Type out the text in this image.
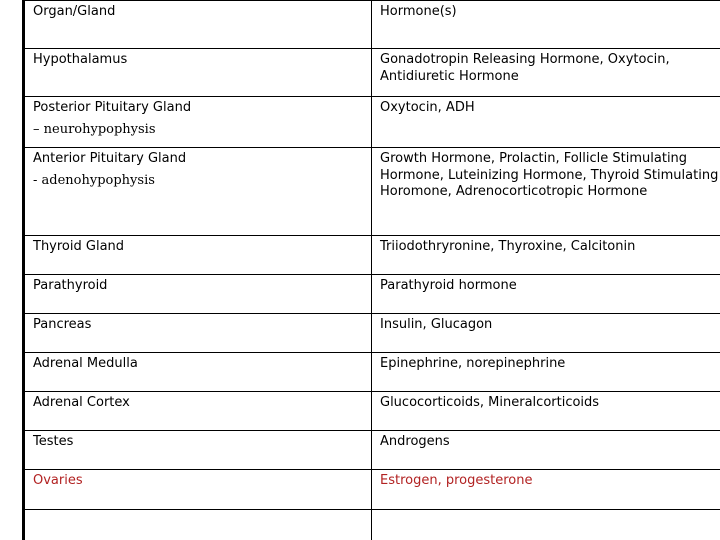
Organ/Gland	Hormone(s)
Hypothalamus	Gonadotropin Releasing Hormone, Oxytocin, Antidiuretic Hormone
Posterior Pituitary Gland
– neurohypophysis	Oxytocin, ADH
Anterior Pituitary Gland
- adenohypophysis	Growth Hormone, Prolactin, Follicle Stimulating Hormone, Luteinizing Hormone, Thyroid Stimulating Horomone, Adrenocorticotropic Hormone
Thyroid Gland	Triiodothryronine, Thyroxine, Calcitonin
Parathyroid	Parathyroid hormone
Pancreas	Insulin, Glucagon
Adrenal Medulla	Epinephrine, norepinephrine
Adrenal Cortex	Glucocorticoids, Mineralcorticoids
Testes	Androgens
Ovaries	Estrogen, progesterone
